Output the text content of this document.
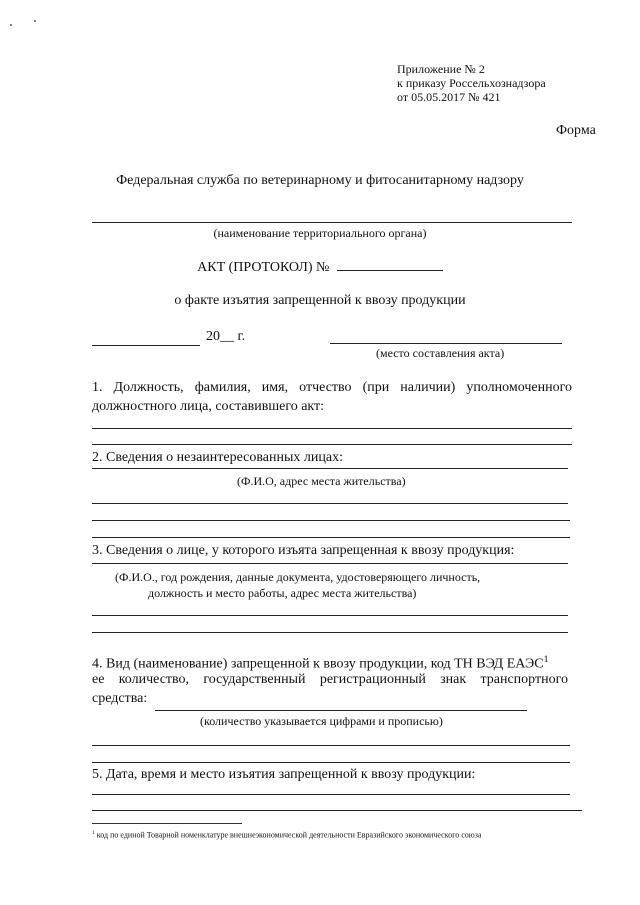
Приложение № 2
к приказу Россельхознадзора
от 05.05.2017 № 421
Форма
Федеральная служба по ветеринарному и фитосанитарному надзору
(наименование территориального органа)
АКТ (ПРОТОКОЛ) №
о факте изъятия запрещенной к ввозу продукции
20__ г.
(место составления акта)
1. Должность, фамилия, имя, отчество (при наличии) уполномоченного
должностного лица, составившего акт:
2. Сведения о незаинтересованных лицах:
(Ф.И.О, адрес места жительства)
3. Сведения о лице, у которого изъята запрещенная к ввозу продукция:
(Ф.И.О., год рождения, данные документа, удостоверяющего личность,
должность и место работы, адрес места жительства)
4. Вид (наименование) запрещенной к ввозу продукции, код ТН ВЭД ЕАЭС$^1$
ее количество, государственный регистрационный знак транспортного
средства:
(количество указывается цифрами и прописью)
5. Дата, время и место изъятия запрещенной к ввозу продукции:
$^1$ код по единой Товарной номенклатуре внешнеэкономической деятельности Евразийского экономического союза
